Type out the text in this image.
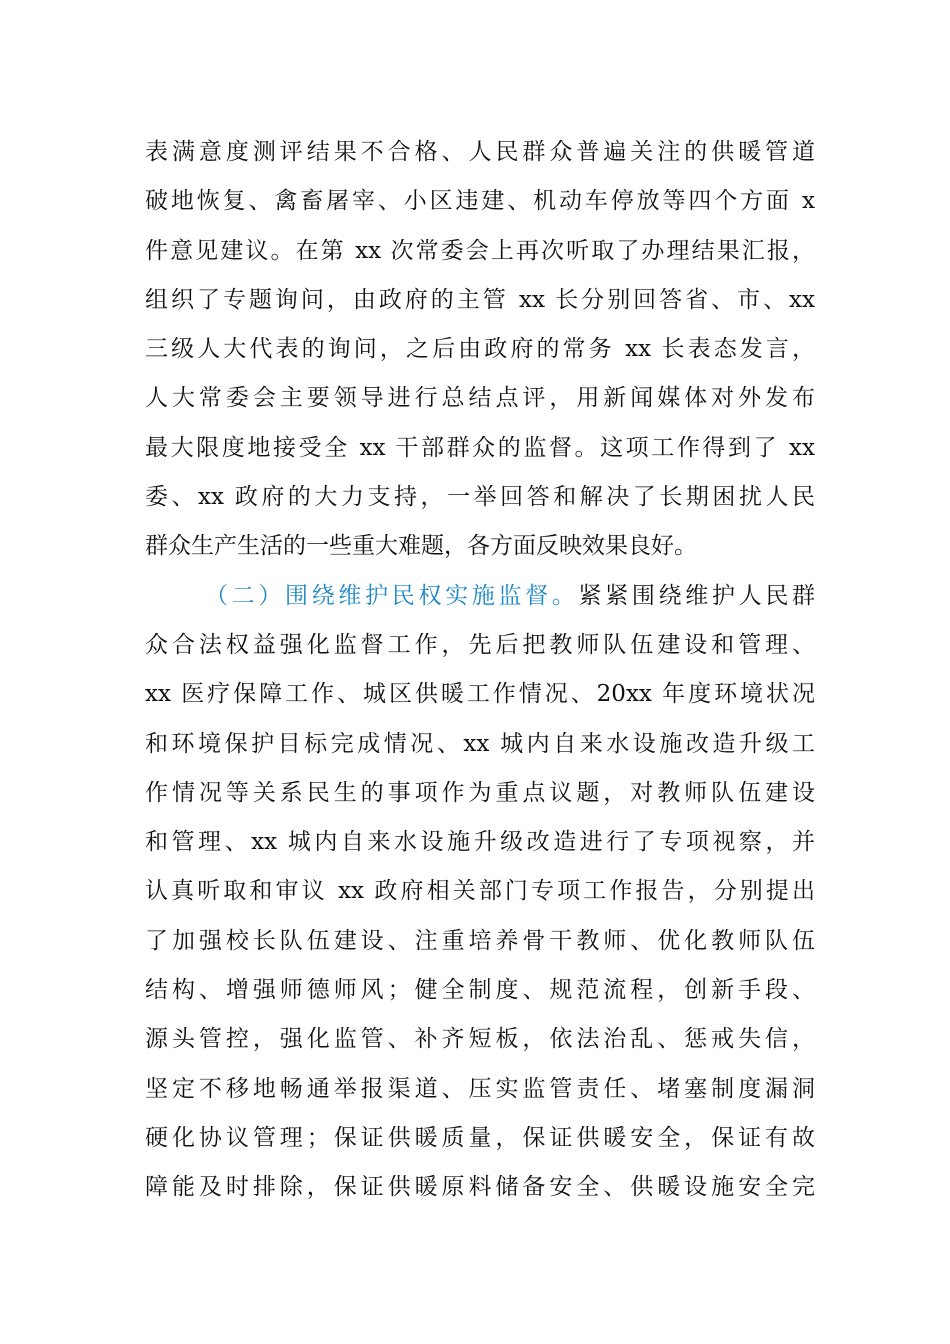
表满意度测评结果不合格、人民群众普遍关注的供暖管道
破地恢复、禽畜屠宰、小区违建、机动车停放等四个方面 x
件意见建议。在第 xx 次常委会上再次听取了办理结果汇报，
组织了专题询问，由政府的主管 xx 长分别回答省、市、xx
三级人大代表的询问，之后由政府的常务 xx 长表态发言，
人大常委会主要领导进行总结点评，用新闻媒体对外发布
最大限度地接受全 xx 干部群众的监督。这项工作得到了 xx
委、xx 政府的大力支持，一举回答和解决了长期困扰人民
群众生产生活的一些重大难题，各方面反映效果良好。
（二）围绕维护民权实施监督。紧紧围绕维护人民群
众合法权益强化监督工作，先后把教师队伍建设和管理、
xx 医疗保障工作、城区供暖工作情况、20xx 年度环境状况
和环境保护目标完成情况、xx 城内自来水设施改造升级工
作情况等关系民生的事项作为重点议题，对教师队伍建设
和管理、xx 城内自来水设施升级改造进行了专项视察，并
认真听取和审议 xx 政府相关部门专项工作报告，分别提出
了加强校长队伍建设、注重培养骨干教师、优化教师队伍
结构、增强师德师风；健全制度、规范流程，创新手段、
源头管控，强化监管、补齐短板，依法治乱、惩戒失信，
坚定不移地畅通举报渠道、压实监管责任、堵塞制度漏洞
硬化协议管理；保证供暖质量，保证供暖安全，保证有故
障能及时排除，保证供暖原料储备安全、供暖设施安全完
